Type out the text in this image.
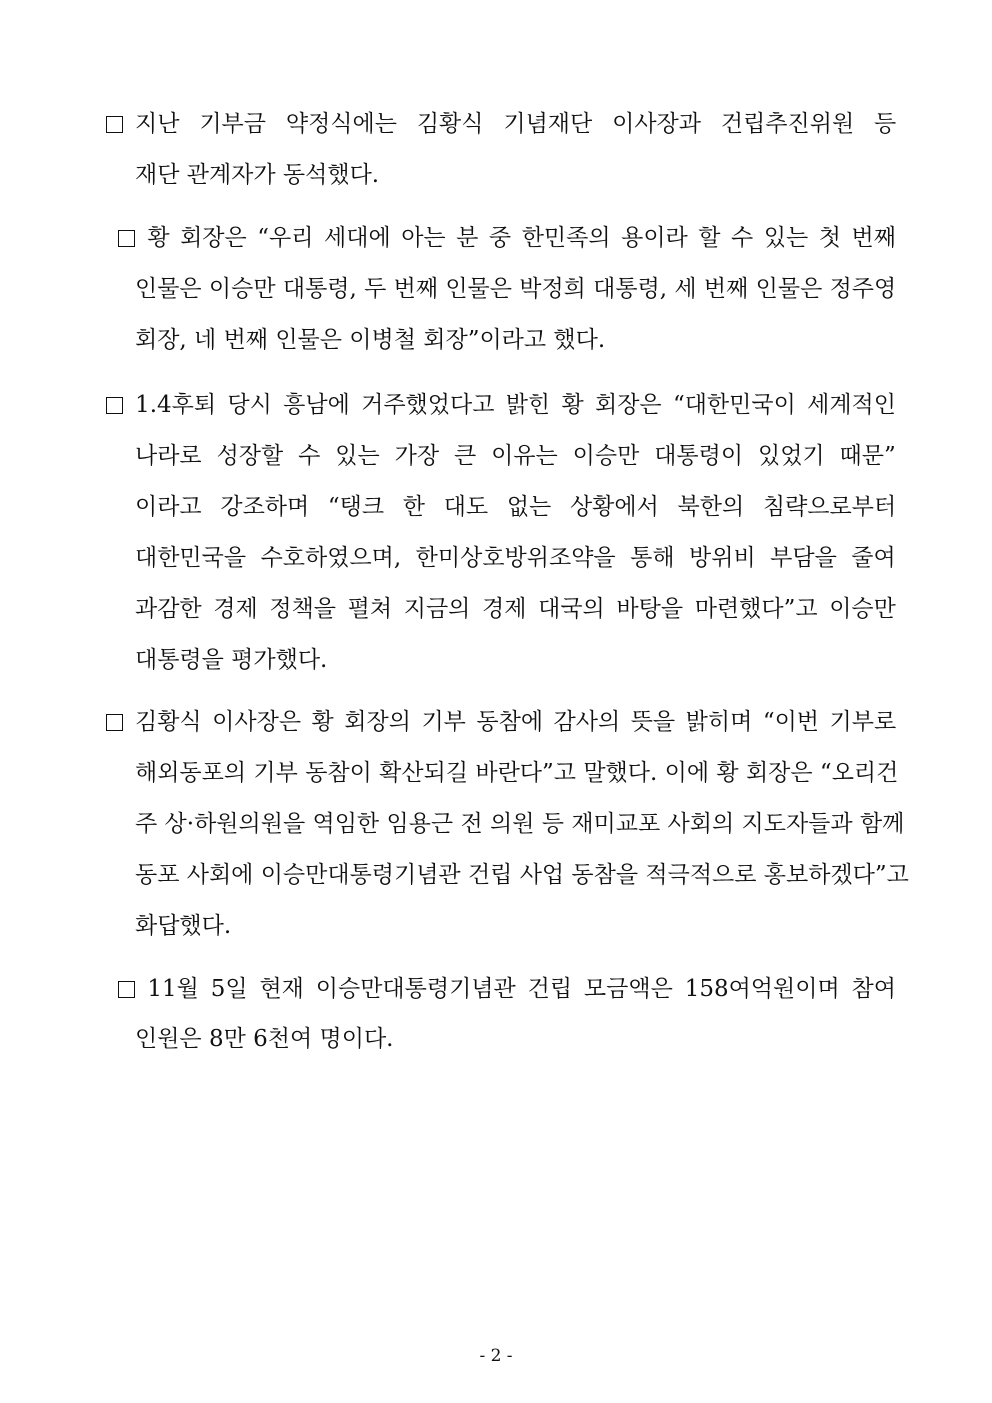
지난 기부금 약정식에는 김황식 기념재단 이사장과 건립추진위원 등
재단 관계자가 동석했다.
황 회장은 “우리 세대에 아는 분 중 한민족의 용이라 할 수 있는 첫 번째
인물은 이승만 대통령, 두 번째 인물은 박정희 대통령, 세 번째 인물은 정주영
회장, 네 번째 인물은 이병철 회장”이라고 했다.
1.4후퇴 당시 흥남에 거주했었다고 밝힌 황 회장은 “대한민국이 세계적인
나라로 성장할 수 있는 가장 큰 이유는 이승만 대통령이 있었기 때문”
이라고 강조하며 “탱크 한 대도 없는 상황에서 북한의 침략으로부터
대한민국을 수호하였으며, 한미상호방위조약을 통해 방위비 부담을 줄여
과감한 경제 정책을 펼쳐 지금의 경제 대국의 바탕을 마련했다”고 이승만
대통령을 평가했다.
김황식 이사장은 황 회장의 기부 동참에 감사의 뜻을 밝히며 “이번 기부로
해외동포의 기부 동참이 확산되길 바란다”고 말했다. 이에 황 회장은 “오리건
주 상·하원의원을 역임한 임용근 전 의원 등 재미교포 사회의 지도자들과 함께
동포 사회에 이승만대통령기념관 건립 사업 동참을 적극적으로 홍보하겠다”고
화답했다.
11월 5일 현재 이승만대통령기념관 건립 모금액은 158여억원이며 참여
인원은 8만 6천여 명이다.
- 2 -
